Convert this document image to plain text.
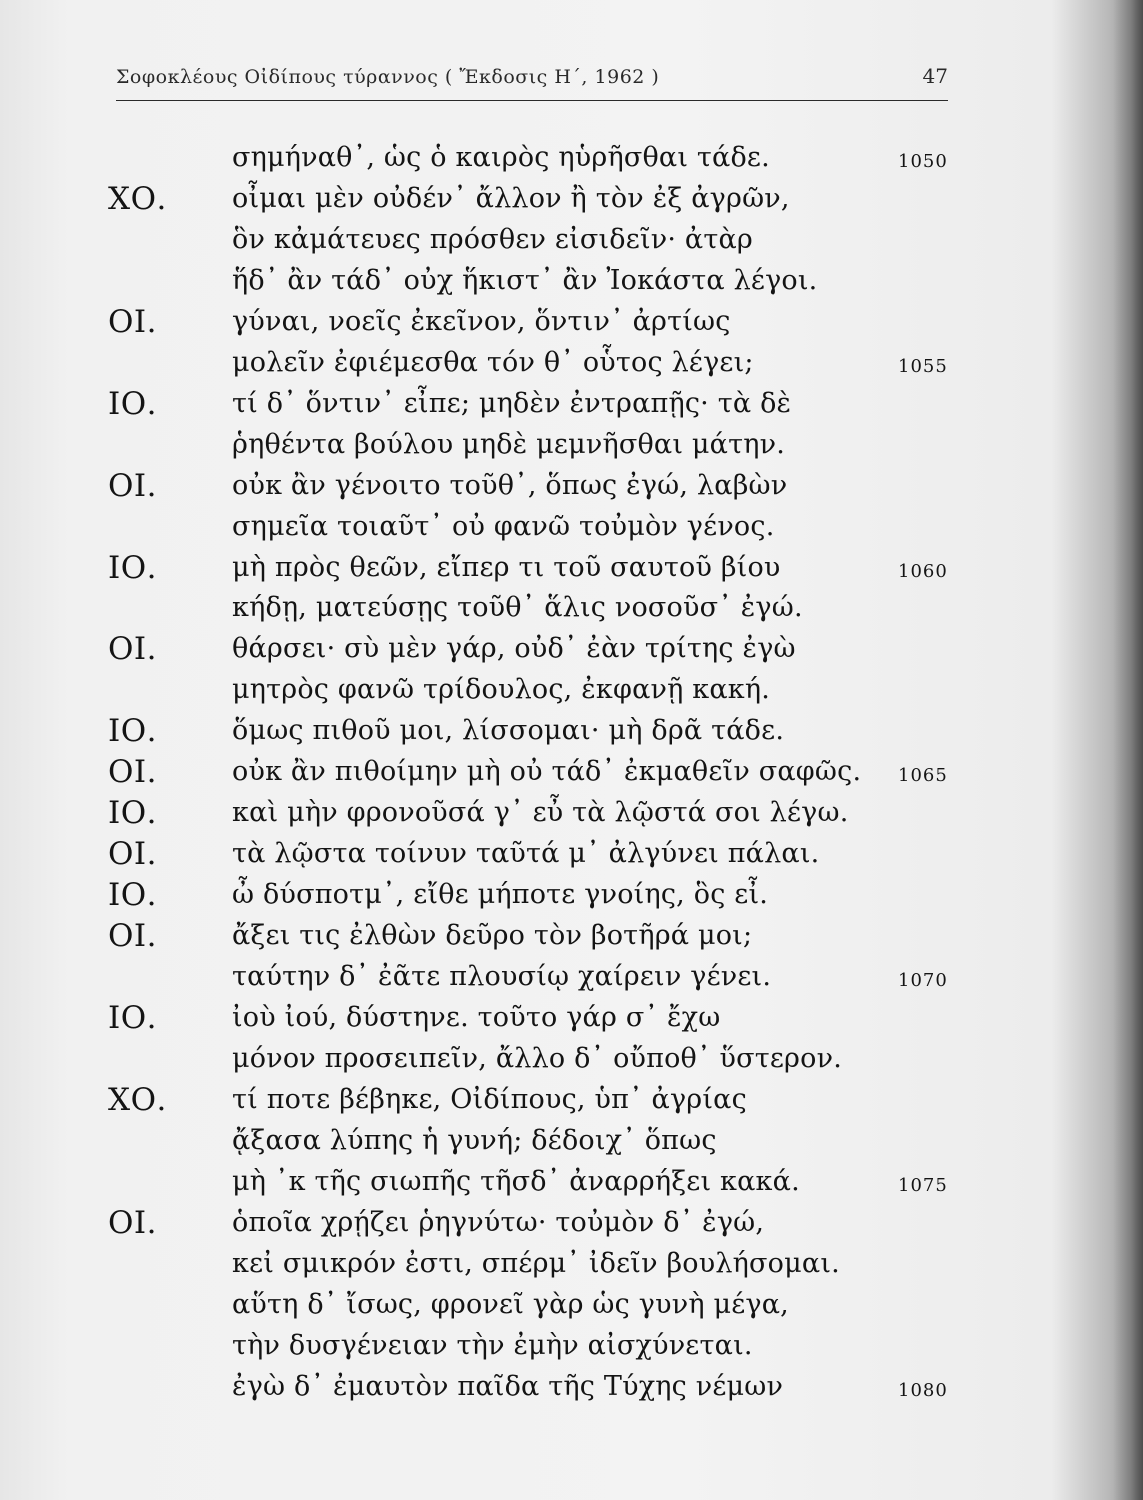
Σοφοκλέους Οἰδίπους τύραννος ( Ἔκδοσις Η΄, 1962 )	47
σημήναθ᾽, ὡς ὁ καιρὸς ηὑρῆσθαι τάδε.	1050
ΧΟ. οἶμαι μὲν οὐδέν᾽ ἄλλον ἢ τὸν ἐξ ἀγρῶν,
ὃν κἀμάτευες πρόσθεν εἰσιδεῖν· ἀτὰρ
ἥδ᾽ ἂν τάδ᾽ οὐχ ἥκιστ᾽ ἂν Ἰοκάστα λέγοι.
ΟΙ.	γύναι, νοεῖς ἐκεῖνον, ὅντιν᾽ ἀρτίως
μολεῖν ἐφιέμεσθα τόν θ᾽ οὗτος λέγει;	1055
ΙΟ.	τί δ᾽ ὅντιν᾽ εἶπε; μηδὲν ἐντραπῇς· τὰ δὲ
ῥηθέντα βούλου μηδὲ μεμνῆσθαι μάτην.
ΟΙ.	οὐκ ἂν γένοιτο τοῦθ᾽, ὅπως ἐγώ, λαβὼν
σημεῖα τοιαῦτ᾽ οὐ φανῶ τοὐμὸν γένος.
ΙΟ.	μὴ πρὸς θεῶν, εἴπερ τι τοῦ σαυτοῦ βίου	1060
κήδῃ, ματεύσῃς τοῦθ᾽ ἅλις νοσοῦσ᾽ ἐγώ.
ΟΙ.	θάρσει· σὺ μὲν γάρ, οὐδ᾽ ἐὰν τρίτης ἐγὼ
μητρὸς φανῶ τρίδουλος, ἐκφανῇ κακή.
ΙΟ.	ὅμως πιθοῦ μοι, λίσσομαι· μὴ δρᾶ τάδε.
ΟΙ.	οὐκ ἂν πιθοίμην μὴ οὐ τάδ᾽ ἐκμαθεῖν σαφῶς. 1065
ΙΟ.	καὶ μὴν φρονοῦσά γ᾽ εὖ τὰ λῷστά σοι λέγω.
ΟΙ.	τὰ λῷστα τοίνυν ταῦτά μ᾽ ἀλγύνει πάλαι.
ΙΟ.	ὦ δύσποτμ᾽, εἴθε μήποτε γνοίης, ὃς εἶ.
ΟΙ.	ἄξει τις ἐλθὼν δεῦρο τὸν βοτῆρά μοι;
ταύτην δ᾽ ἐᾶτε πλουσίῳ χαίρειν γένει.	1070
ΙΟ.	ἰοὺ ἰού, δύστηνε. τοῦτο γάρ σ᾽ ἔχω
μόνον προσειπεῖν, ἄλλο δ᾽ οὔποθ᾽ ὕστερον.
ΧΟ. τί ποτε βέβηκε, Οἰδίπους, ὑπ᾽ ἀγρίας
ᾄξασα λύπης ἡ γυνή; δέδοιχ᾽ ὅπως
μὴ ᾽κ τῆς σιωπῆς τῆσδ᾽ ἀναρρήξει κακά.	1075
ΟΙ.	ὁποῖα χρῄζει ῥηγνύτω· τοὐμὸν δ᾽ ἐγώ,
κεἰ σμικρόν ἐστι, σπέρμ᾽ ἰδεῖν βουλήσομαι.
αὕτη δ᾽ ἴσως, φρονεῖ γὰρ ὡς γυνὴ μέγα,
τὴν δυσγένειαν τὴν ἐμὴν αἰσχύνεται.
ἐγὼ δ᾽ ἐμαυτὸν παῖδα τῆς Τύχης νέμων	1080
